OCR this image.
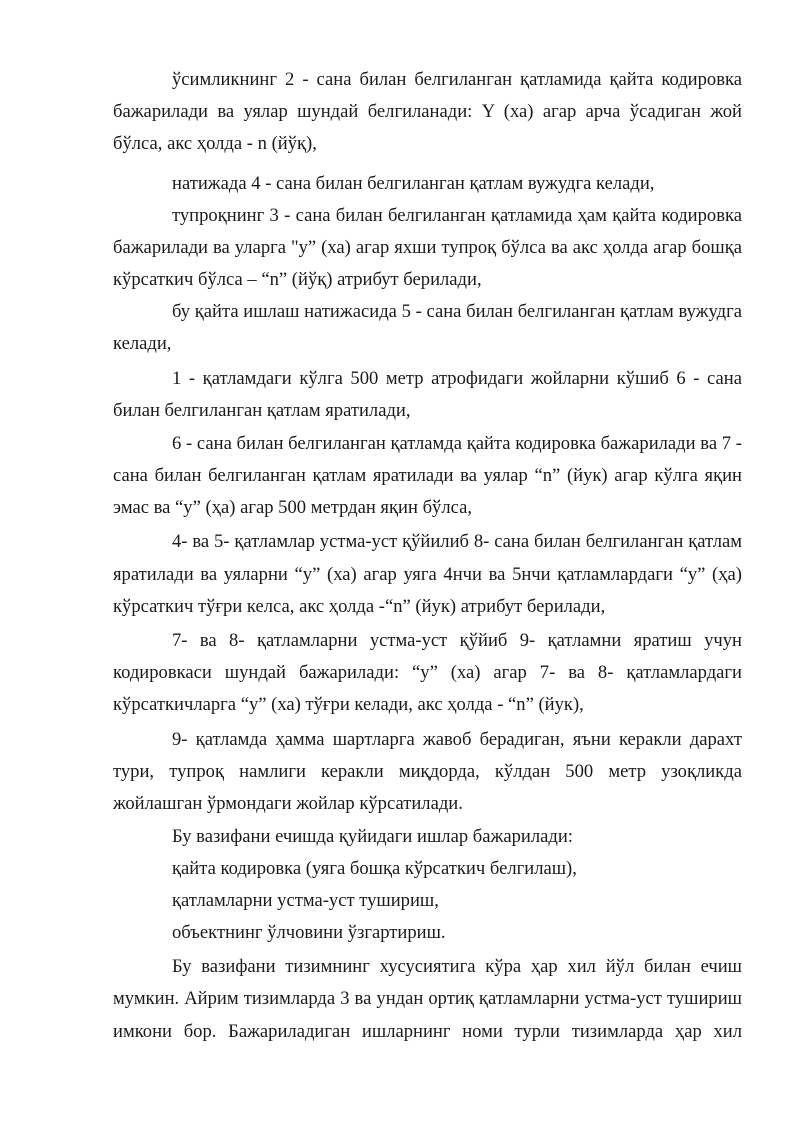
ўсимликнинг 2 - сана билан белгиланган қатламида қайта кодировка
бажарилади ва уялар шундай белгиланади: Y (ха) агар арча ўсадиган жой
бўлса, акс ҳолда - n (йўқ),
натижада 4 - сана билан белгиланган қатлам вужудга келади,
тупроқнинг 3 - сана билан белгиланган қатламида ҳам қайта кодировка
бажарилади ва уларга "у” (ха) агар яхши тупроқ бўлса ва акс ҳолда агар бошқа
кўрсаткич бўлса – “n” (йўқ) атрибут берилади,
бу қайта ишлаш натижасида 5 - сана билан белгиланган қатлам вужудга
келади,
1 - қатламдаги кўлга 500 метр атрофидаги жойларни кўшиб 6 - сана
билан белгиланган қатлам яратилади,
6 - сана билан белгиланган қатламда қайта кодировка бажарилади ва 7 -
сана билан белгиланган қатлам яратилади ва уялар “n” (йук) агар кўлга яқин
эмас ва “у” (ҳа) агар 500 метрдан яқин бўлса,
4- ва 5- қатламлар устма-уст қўйилиб 8- сана билан белгиланган қатлам
яратилади ва уяларни “у” (ха) агар уяга 4нчи ва 5нчи қатламлардаги “у” (ҳа)
кўрсаткич тўғри келса, акс ҳолда -“n” (йук) атрибут берилади,
7- ва 8- қатламларни устма-уст қўйиб 9- қатламни яратиш учун
кодировкаси шундай бажарилади: “у” (ха) агар 7- ва 8- қатламлардаги
кўрсаткичларга “у” (ха) тўғри келади, акс ҳолда - “n” (йук),
9- қатламда ҳамма шартларга жавоб берадиган, яъни керакли дарахт
тури, тупроқ намлиги керакли миқдорда, кўлдан 500 метр узоқликда
жойлашган ўрмондаги жойлар кўрсатилади.
Бу вазифани ечишда қуйидаги ишлар бажарилади:
қайта кодировка (уяга бошқа кўрсаткич белгилаш),
қатламларни устма-уст тушириш,
объектнинг ўлчовини ўзгартириш.
Бу вазифани тизимнинг хусусиятига кўра ҳар хил йўл билан ечиш
мумкин. Айрим тизимларда 3 ва ундан ортиқ қатламларни устма-уст тушириш
имкони бор. Бажариладиган ишларнинг номи турли тизимларда ҳар хил
